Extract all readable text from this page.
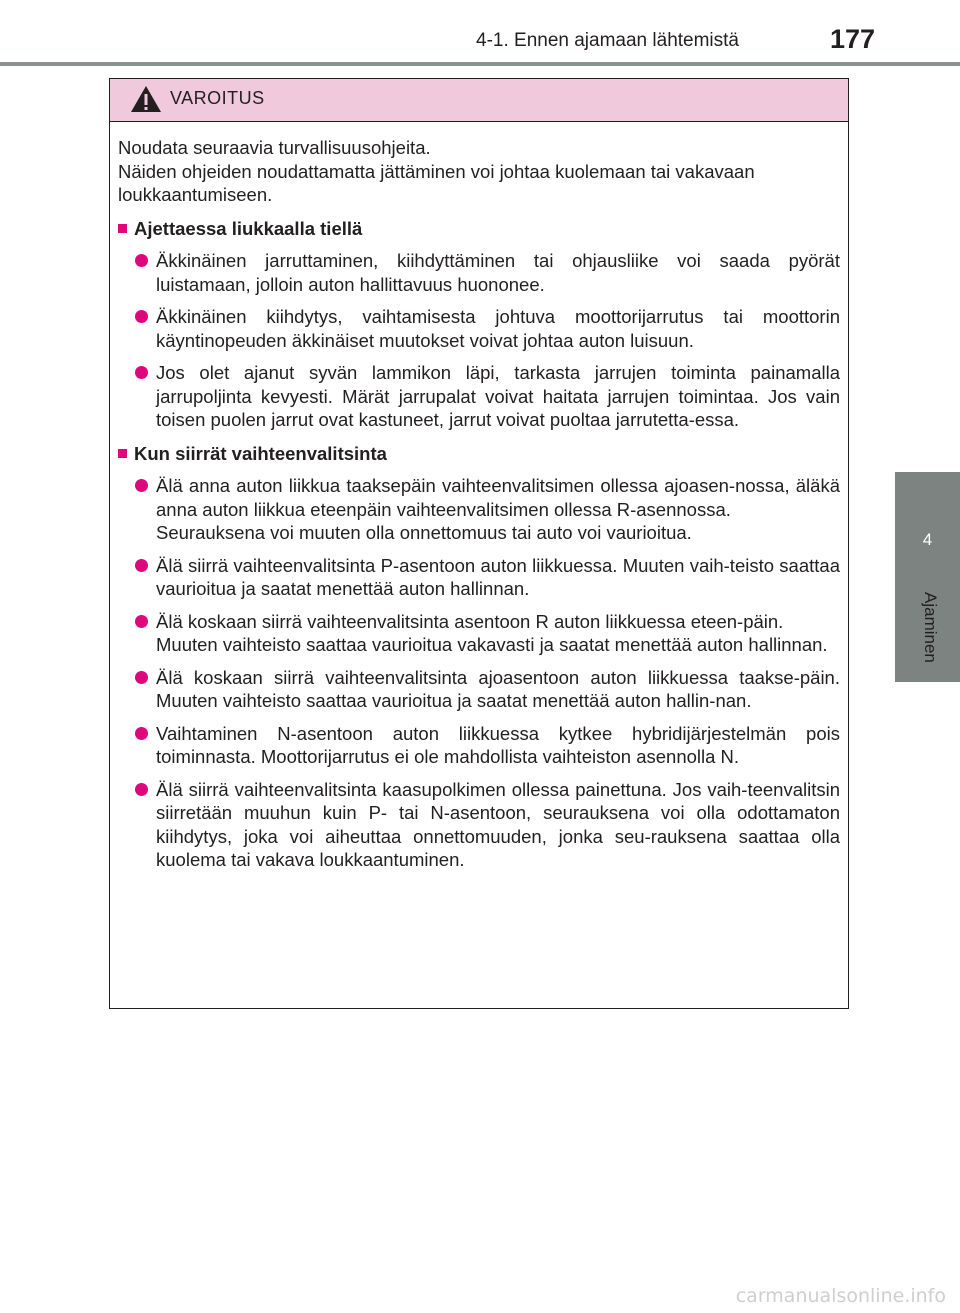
4-1. Ennen ajamaan lähtemistä	177
4
Ajaminen
VAROITUS

Noudata seuraavia turvallisuusohjeita.

Näiden ohjeiden noudattamatta jättäminen voi johtaa kuolemaan tai vakavaan loukkaantumiseen.

Ajettaessa liukkaalla tiellä

Äkkinäinen jarruttaminen, kiihdyttäminen tai ohjausliike voi saada pyörät luistamaan, jolloin auton hallittavuus huononee.

Äkkinäinen kiihdytys, vaihtamisesta johtuva moottorijarrutus tai moottorin käyntinopeuden äkkinäiset muutokset voivat johtaa auton luisuun.

Jos olet ajanut syvän lammikon läpi, tarkasta jarrujen toiminta painamalla jarrupoljinta kevyesti. Märät jarrupalat voivat haitata jarrujen toimintaa. Jos vain toisen puolen jarrut ovat kastuneet, jarrut voivat puoltaa jarrutetta-essa.

Kun siirrät vaihteenvalitsinta

Älä anna auton liikkua taaksepäin vaihteenvalitsimen ollessa ajoasen-nossa, äläkä anna auton liikkua eteenpäin vaihteenvalitsimen ollessa R-asennossa.

Seurauksena voi muuten olla onnettomuus tai auto voi vaurioitua.

Älä siirrä vaihteenvalitsinta P-asentoon auton liikkuessa. Muuten vaih-teisto saattaa vaurioitua ja saatat menettää auton hallinnan.

Älä koskaan siirrä vaihteenvalitsinta asentoon R auton liikkuessa eteen-päin.

Muuten vaihteisto saattaa vaurioitua vakavasti ja saatat menettää auton hallinnan.

Älä koskaan siirrä vaihteenvalitsinta ajoasentoon auton liikkuessa taakse-päin. Muuten vaihteisto saattaa vaurioitua ja saatat menettää auton hallin-nan.

Vaihtaminen N-asentoon auton liikkuessa kytkee hybridijärjestelmän pois toiminnasta. Moottorijarrutus ei ole mahdollista vaihteiston asennolla N.

Älä siirrä vaihteenvalitsinta kaasupolkimen ollessa painettuna. Jos vaih-teenvalitsin siirretään muuhun kuin P- tai N-asentoon, seurauksena voi olla odottamaton kiihdytys, joka voi aiheuttaa onnettomuuden, jonka seu-rauksena saattaa olla kuolema tai vakava loukkaantuminen.

carmanualsonline.info
